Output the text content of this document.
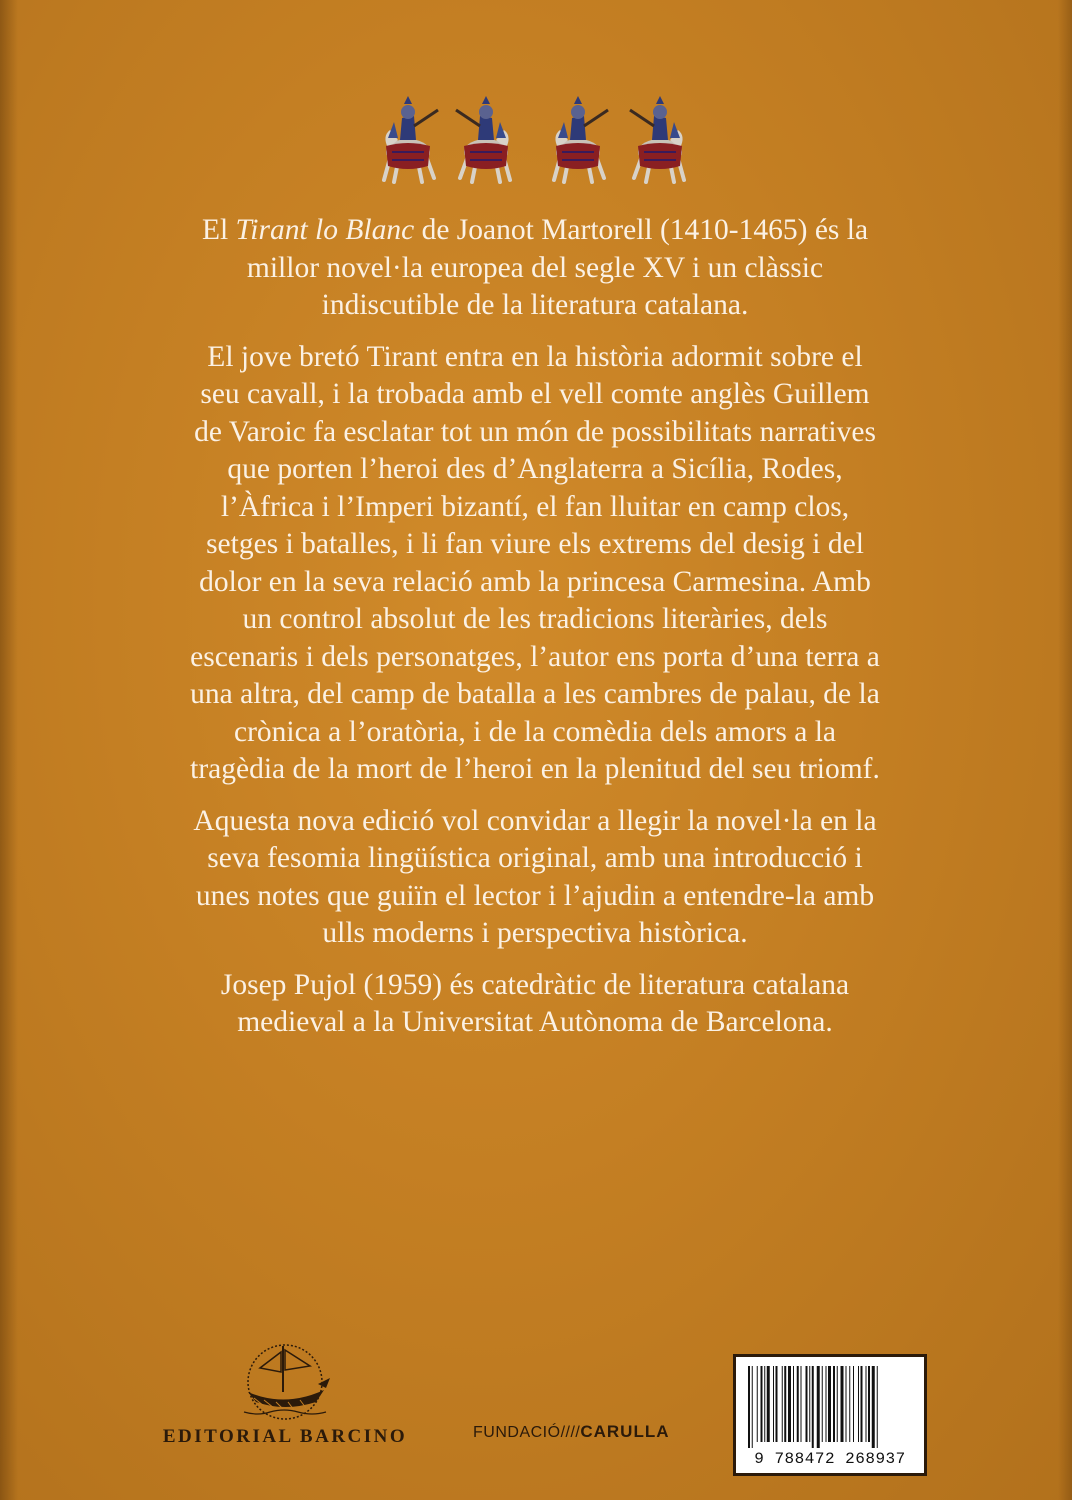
El Tirant lo Blanc de Joanot Martorell (1410-1465) és la millor novel·la europea del segle XV i un clàssic indiscutible de la literatura catalana.

El jove bretó Tirant entra en la història adormit sobre el seu cavall, i la trobada amb el vell comte anglès Guillem de Varoic fa esclatar tot un món de possibilitats narratives que porten l’heroi des d’Anglaterra a Sicília, Rodes, l’Àfrica i l’Imperi bizantí, el fan lluitar en camp clos, setges i batalles, i li fan viure els extrems del desig i del dolor en la seva relació amb la princesa Carmesina. Amb un control absolut de les tradicions literàries, dels escenaris i dels personatges, l’autor ens porta d’una terra a una altra, del camp de batalla a les cambres de palau, de la crònica a l’oratòria, i de la comèdia dels amors a la tragèdia de la mort de l’heroi en la plenitud del seu triomf.

Aquesta nova edició vol convidar a llegir la novel·la en la seva fesomia lingüística original, amb una introducció i unes notes que guiïn el lector i l’ajudin a entendre-la amb ulls moderns i perspectiva històrica.

Josep Pujol (1959) és catedràtic de literatura catalana medieval a la Universitat Autònoma de Barcelona.

EDITORIAL BARCINO	FUNDACIÓ////CARULLA
9 788472 268937
